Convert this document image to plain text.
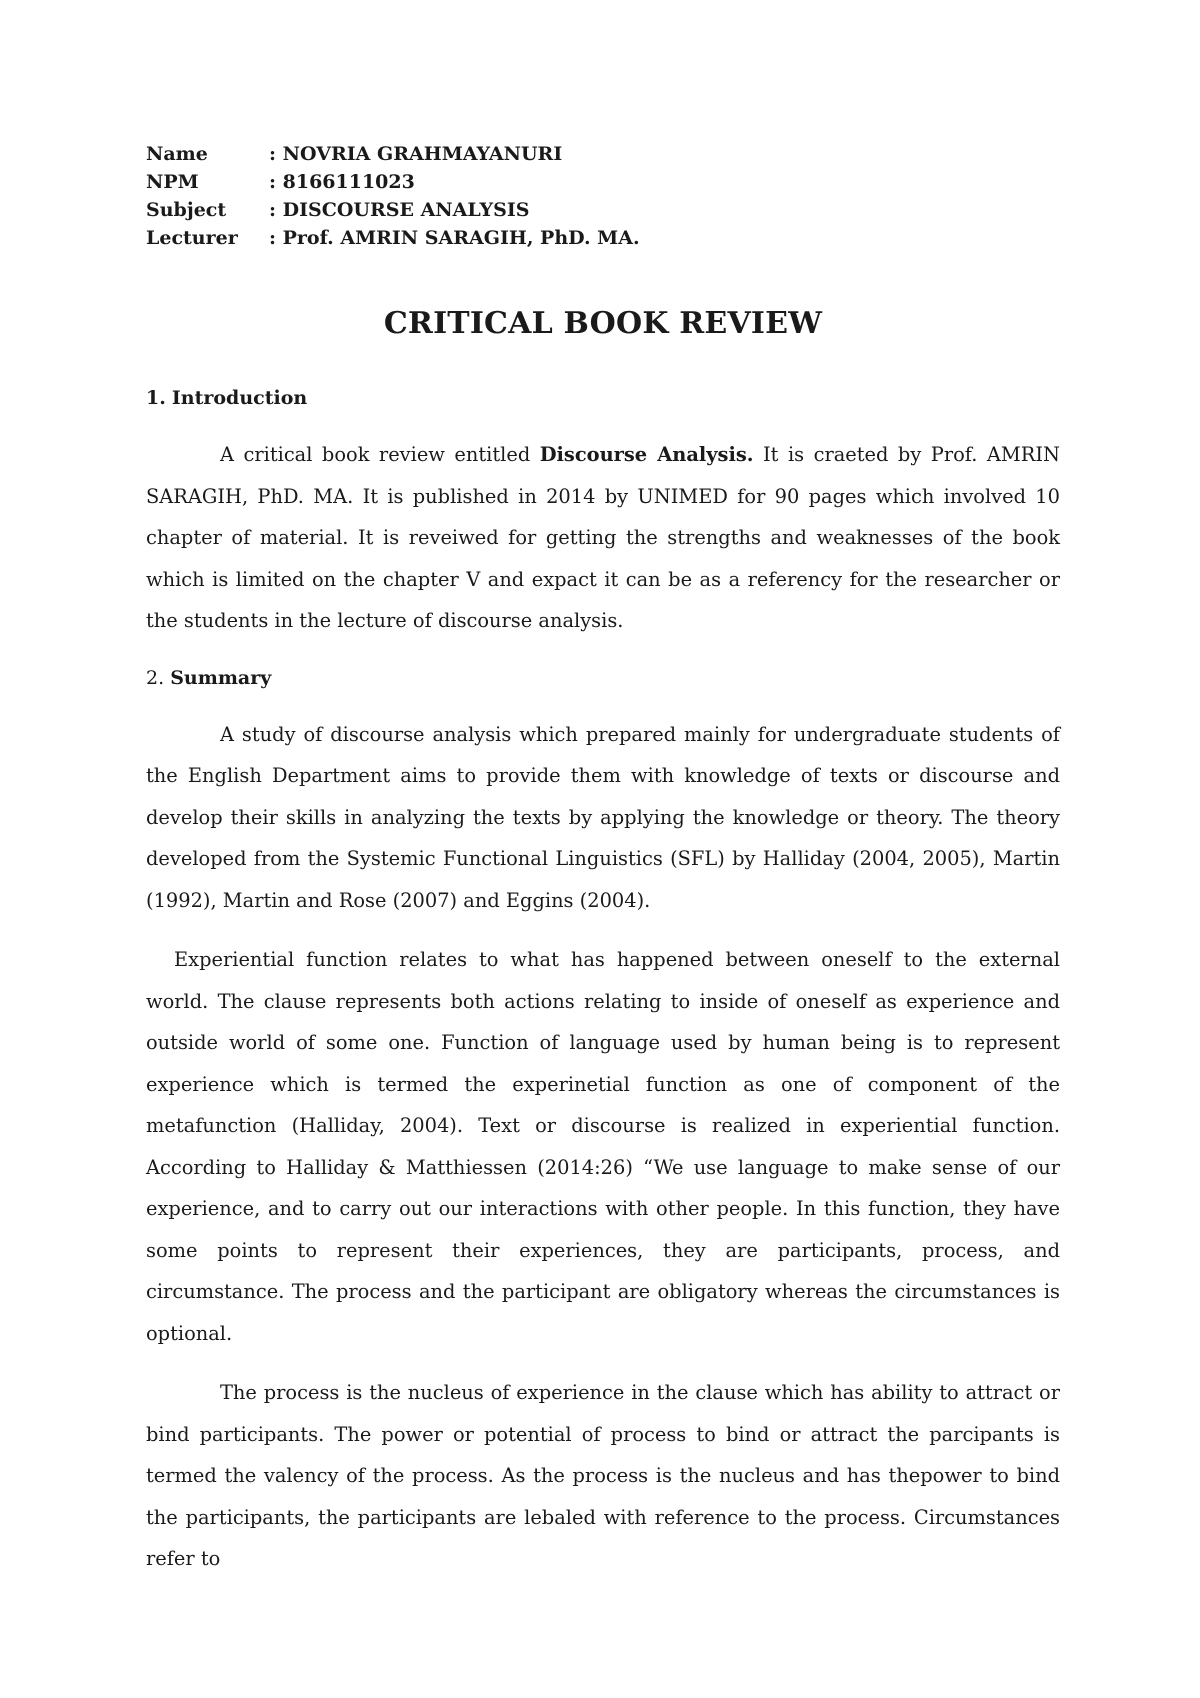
Name	: NOVRIA GRAHMAYANURI
NPM	: 8166111023
Subject	: DISCOURSE ANALYSIS
Lecturer	: Prof. AMRIN SARAGIH, PhD. MA.
CRITICAL BOOK REVIEW
1. Introduction

A critical book review entitled Discourse Analysis. It is craeted by Prof. AMRIN SARAGIH, PhD. MA. It is published in 2014 by UNIMED for 90 pages which involved 10 chapter of material. It is reveiwed for getting the strengths and weaknesses of the book which is limited on the chapter V and expact it can be as a referency for the researcher or the students in the lecture of discourse analysis.

2. Summary

A study of discourse analysis which prepared mainly for undergraduate students of the English Department aims to provide them with knowledge of texts or discourse and develop their skills in analyzing the texts by applying the knowledge or theory. The theory developed from the Systemic Functional Linguistics (SFL) by Halliday (2004, 2005), Martin (1992), Martin and Rose (2007) and Eggins (2004).

Experiential function relates to what has happened between oneself to the external world. The clause represents both actions relating to inside of oneself as experience and outside world of some one. Function of language used by human being is to represent experience which is termed the experinetial function as one of component of the metafunction (Halliday, 2004). Text or discourse is realized in experiential function. According to Halliday & Matthiessen (2014:26) “We use language to make sense of our experience, and to carry out our interactions with other people. In this function, they have some points to represent their experiences, they are participants, process, and circumstance. The process and the participant are obligatory whereas the circumstances is optional.

The process is the nucleus of experience in the clause which has ability to attract or bind participants. The power or potential of process to bind or attract the parcipants is termed the valency of the process. As the process is the nucleus and has thepower to bind the participants, the participants are lebaled with reference to the process. Circumstances refer to
